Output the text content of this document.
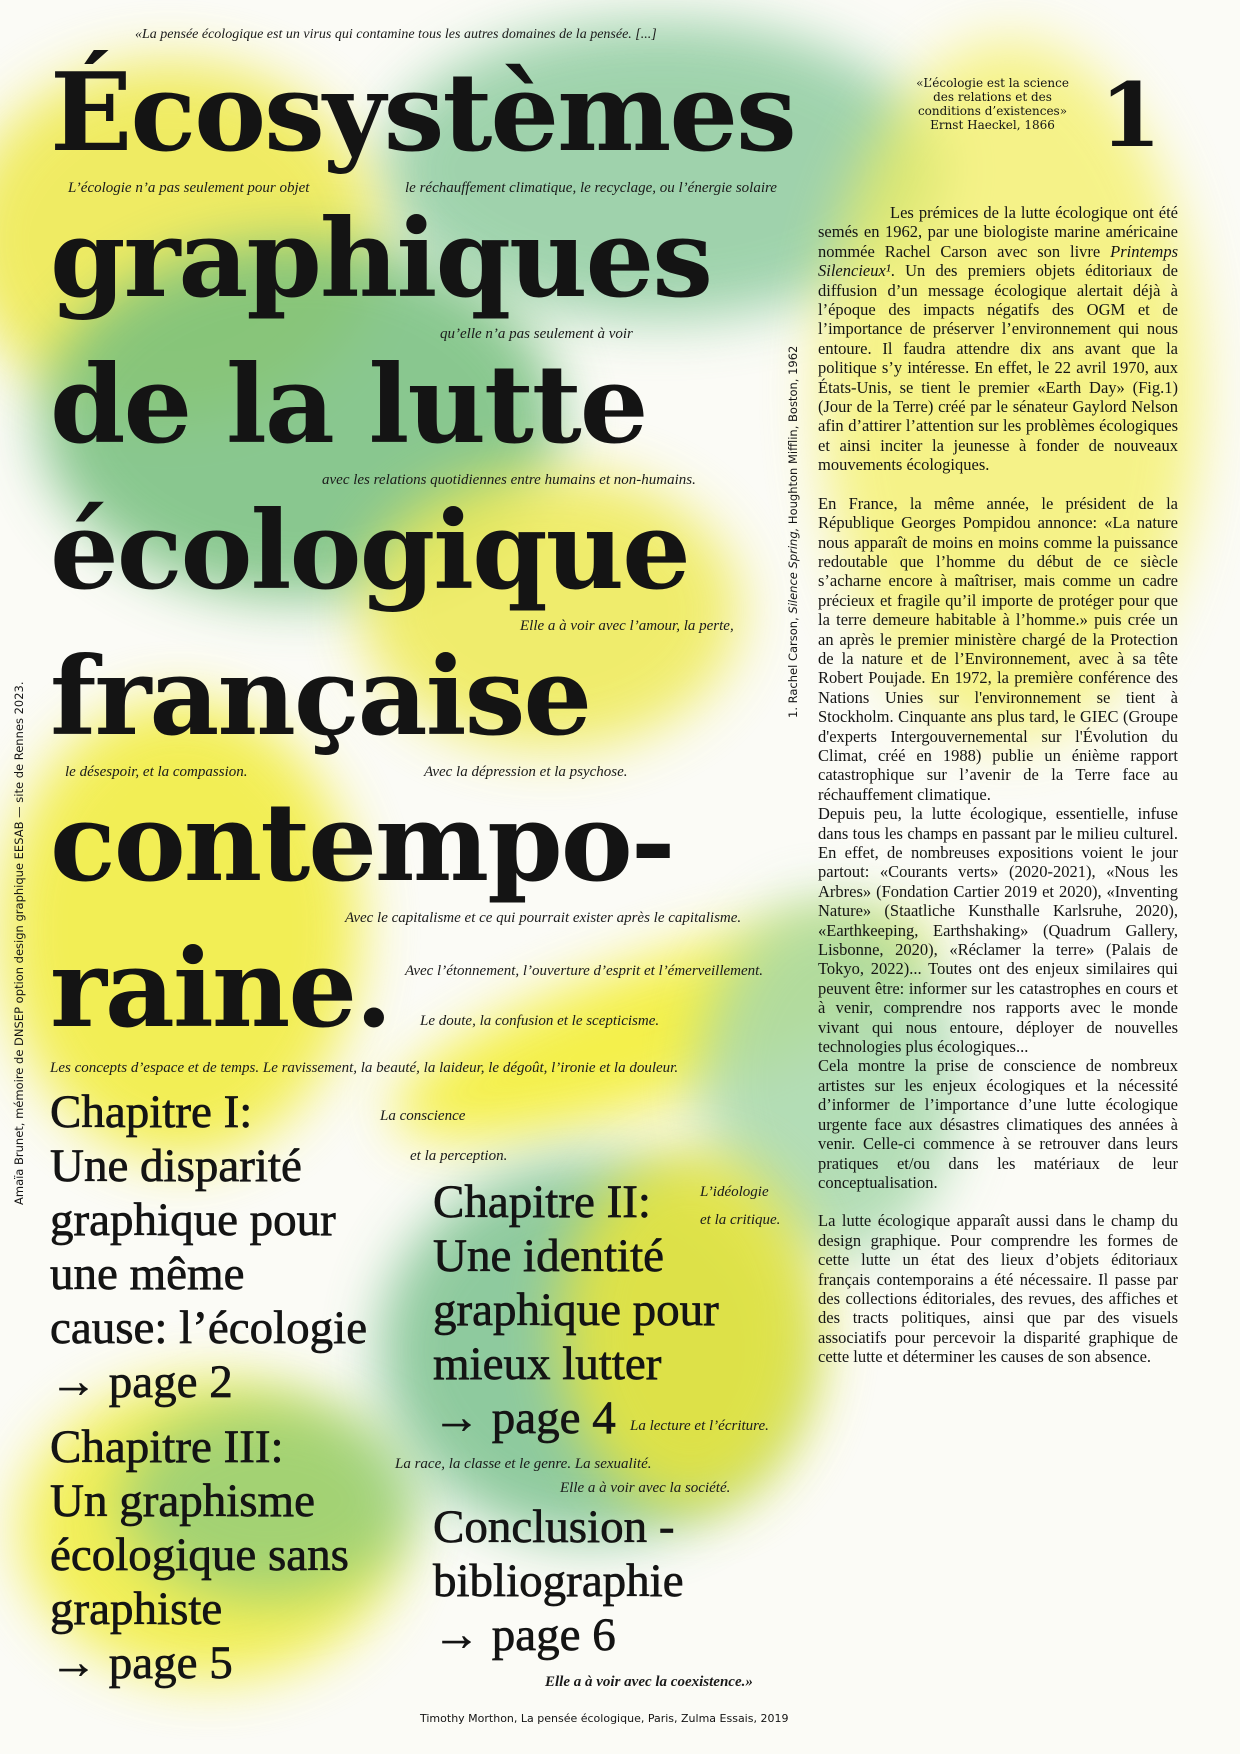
«La pensée écologique est un virus qui contamine tous les autres domaines de la pensée. [...]
L’écologie n’a pas seulement pour objet	le réchauffement climatique, le recyclage, ou l’énergie solaire
qu’elle n’a pas seulement à voir
avec les relations quotidiennes entre humains et non-humains.
Elle a à voir avec l’amour, la perte,
le désespoir, et la compassion.	Avec la dépression et la psychose.
Avec le capitalisme et ce qui pourrait exister après le capitalisme.
Avec l’étonnement, l’ouverture d’esprit et l’émerveillement.
Les concepts d’espace et de temps. Le ravissement, la beauté, la laideur, le dégoût, l’ironie et la douleur.
Le doute, la confusion et le scepticisme.
La conscience
et la perception.
L’idéologie
et la critique.
La lecture et l’écriture.
La race, la classe et le genre. La sexualité.
Elle a à voir avec la société.
Elle a à voir avec la coexistence.»
Écosystèmes
graphiques
de la lutte
écologique
française
contempo-
raine.
1
«L’écologie est la science
des relations et des
conditions d’existences»
Ernst Haeckel, 1866
Amaïa Brunet, mémoire de DNSEP option design graphique EESAB — site de Rennes 2023.	1. Rachel Carson, Silence Spring, Houghton Mifflin, Boston, 1962

Les prémices de la lutte écologique ont été semés en 1962, par une biologiste marine américaine nommée Rachel Carson avec son livre Printemps Silencieux¹. Un des premiers objets éditoriaux de diffusion d’un message écologique alertait déjà à l’époque des impacts négatifs des OGM et de l’importance de préserver l’environnement qui nous entoure. Il faudra attendre dix ans avant que la politique s’y intéresse. En effet, le 22 avril 1970, aux États-Unis, se tient le premier «Earth Day» (Fig.1) (Jour de la Terre) créé par le sénateur Gaylord Nelson afin d’attirer l’attention sur les problèmes écologiques et ainsi inciter la jeunesse à fonder de nouveaux mouvements écologiques.

En France, la même année, le président de la République Georges Pompidou annonce: «La nature nous apparaît de moins en moins comme la puissance redoutable que l’homme du début de ce siècle s’acharne encore à maîtriser, mais comme un cadre précieux et fragile qu’il importe de protéger pour que la terre demeure habitable à l’homme.» puis crée un an après le premier ministère chargé de la Protection de la nature et de l’Environnement, avec à sa tête Robert Poujade. En 1972, la première conférence des Nations Unies sur l'environnement se tient à Stockholm. Cinquante ans plus tard, le GIEC (Groupe d'experts Intergouvernemental sur l'Évolution du Climat, créé en 1988) publie un énième rapport catastrophique sur l’avenir de la Terre face au réchauffement climatique.

Depuis peu, la lutte écologique, essentielle, infuse dans tous les champs en passant par le milieu culturel. En effet, de nombreuses expositions voient le jour partout: «Courants verts» (2020-2021), «Nous les Arbres» (Fondation Cartier 2019 et 2020), «Inventing Nature» (Staatliche Kunsthalle Karlsruhe, 2020), «Earthkeeping, Earthshaking» (Quadrum Gallery, Lisbonne, 2020), «Réclamer la terre» (Palais de Tokyo, 2022)... Toutes ont des enjeux similaires qui peuvent être: informer sur les catastrophes en cours et à venir, comprendre nos rapports avec le monde vivant qui nous entoure, déployer de nouvelles technologies plus écologiques...

Cela montre la prise de conscience de nombreux artistes sur les enjeux écologiques et la nécessité d’informer de l’importance d’une lutte écologique urgente face aux désastres climatiques des années à venir. Celle-ci commence à se retrouver dans leurs pratiques et/ou dans les matériaux de leur conceptualisation.

La lutte écologique apparaît aussi dans le champ du design graphique. Pour comprendre les formes de cette lutte un état des lieux d’objets éditoriaux français contemporains a été nécessaire. Il passe par des collections éditoriales, des revues, des affiches et des tracts politiques, ainsi que par des visuels associatifs pour percevoir la disparité graphique de cette lutte et déterminer les causes de son absence.

Chapitre I:
Une disparité
graphique pour
une même
cause: l’écologie
→ page 2
Chapitre II:
Une identité
graphique pour
mieux lutter
→ page 4
Chapitre III:
Un graphisme
écologique sans
graphiste
→ page 5
Conclusion -
bibliographie
→ page 6
Timothy Morthon, La pensée écologique, Paris, Zulma Essais, 2019
